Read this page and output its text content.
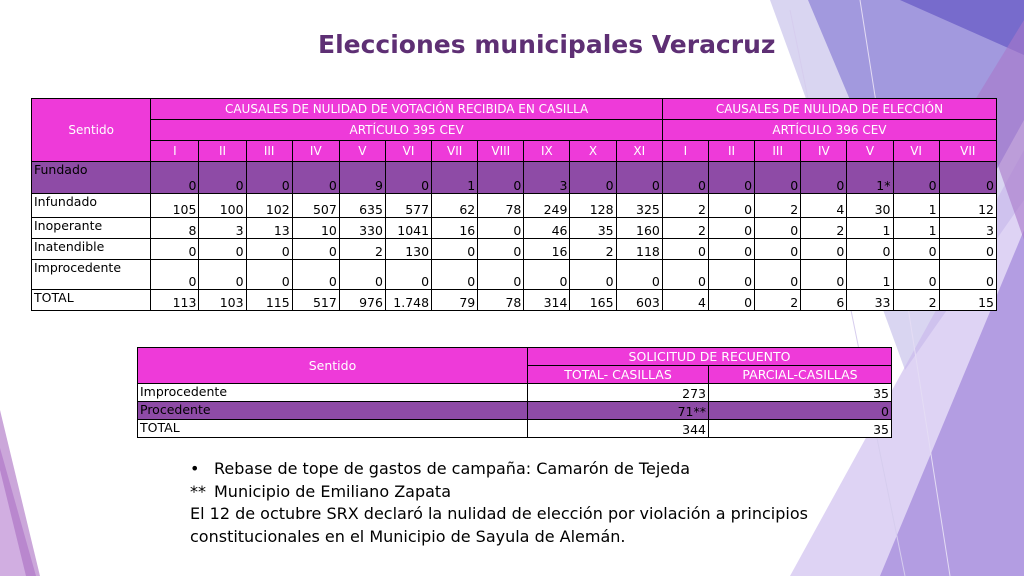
Elecciones municipales Veracruz
Sentido	CAUSALES DE NULIDAD DE VOTACIÓN RECIBIDA EN CASILLA											CAUSALES DE NULIDAD DE ELECCIÓN						
	ARTÍCULO 395 CEV											ARTÍCULO 396 CEV						
	I	II	III	IV	V	VI	VII	VIII	IX	X	XI	I	II	III	IV	V	VI	VII
Fundado	0	0	0	0	9	0	1	0	3	0	0	0	0	0	0	1*	0	0
Infundado	105	100	102	507	635	577	62	78	249	128	325	2	0	2	4	30	1	12
Inoperante	8	3	13	10	330	1041	16	0	46	35	160	2	0	0	2	1	1	3
Inatendible	0	0	0	0	2	130	0	0	16	2	118	0	0	0	0	0	0	0
Improcedente	0	0	0	0	0	0	0	0	0	0	0	0	0	0	0	1	0	0
TOTAL	113	103	115	517	976	1.748	79	78	314	165	603	4	0	2	6	33	2	15
Sentido	SOLICITUD DE RECUENTO	
	TOTAL- CASILLAS	PARCIAL-CASILLAS
Improcedente	273	35
Procedente	71**	0
TOTAL	344	35
• Rebase de tope de gastos de campaña: Camarón de Tejeda
** Municipio de Emiliano Zapata
El 12 de octubre SRX declaró la nulidad de elección por violación a principios
constitucionales en el Municipio de Sayula de Alemán.
